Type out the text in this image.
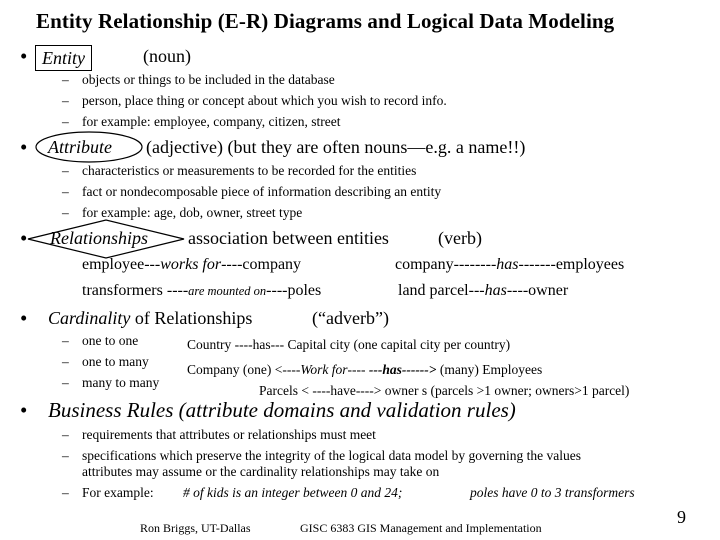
Entity Relationship (E-R) Diagrams and Logical Data Modeling
• Entity	(noun)
– objects or things to be included in the database
– person, place thing or concept about which you wish to record info.
– for example: employee, company, citizen, street
• Attribute (adjective) (but they are often nouns—e.g. a name!!)
– characteristics or measurements to be recorded for the entities
– fact or nondecomposable piece of information describing an entity
– for example: age, dob, owner, street type
• Relationships association between entities	(verb)
employee---works for----company	company--------has-------employees
transformers ----are mounted on----poles	land parcel---has----owner
• Cardinality of Relationships	(“adverb”)
– one to one
– one to many
– many to many
Country ----has--- Capital city (one capital city per country)
Company (one) <----Work for---- ---has------> (many) Employees
Parcels < ----have----> owner s (parcels >1 owner; owners>1 parcel)
• Business Rules (attribute domains and validation rules)
– requirements that attributes or relationships must meet
– specifications which preserve the integrity of the logical data model by governing the values
attributes may assume or the cardinality relationships may take on
– For example: # of kids is an integer between 0 and 24;	poles have 0 to 3 transformers
Ron Briggs, UT-Dallas	GISC 6383 GIS Management and Implementation
9
